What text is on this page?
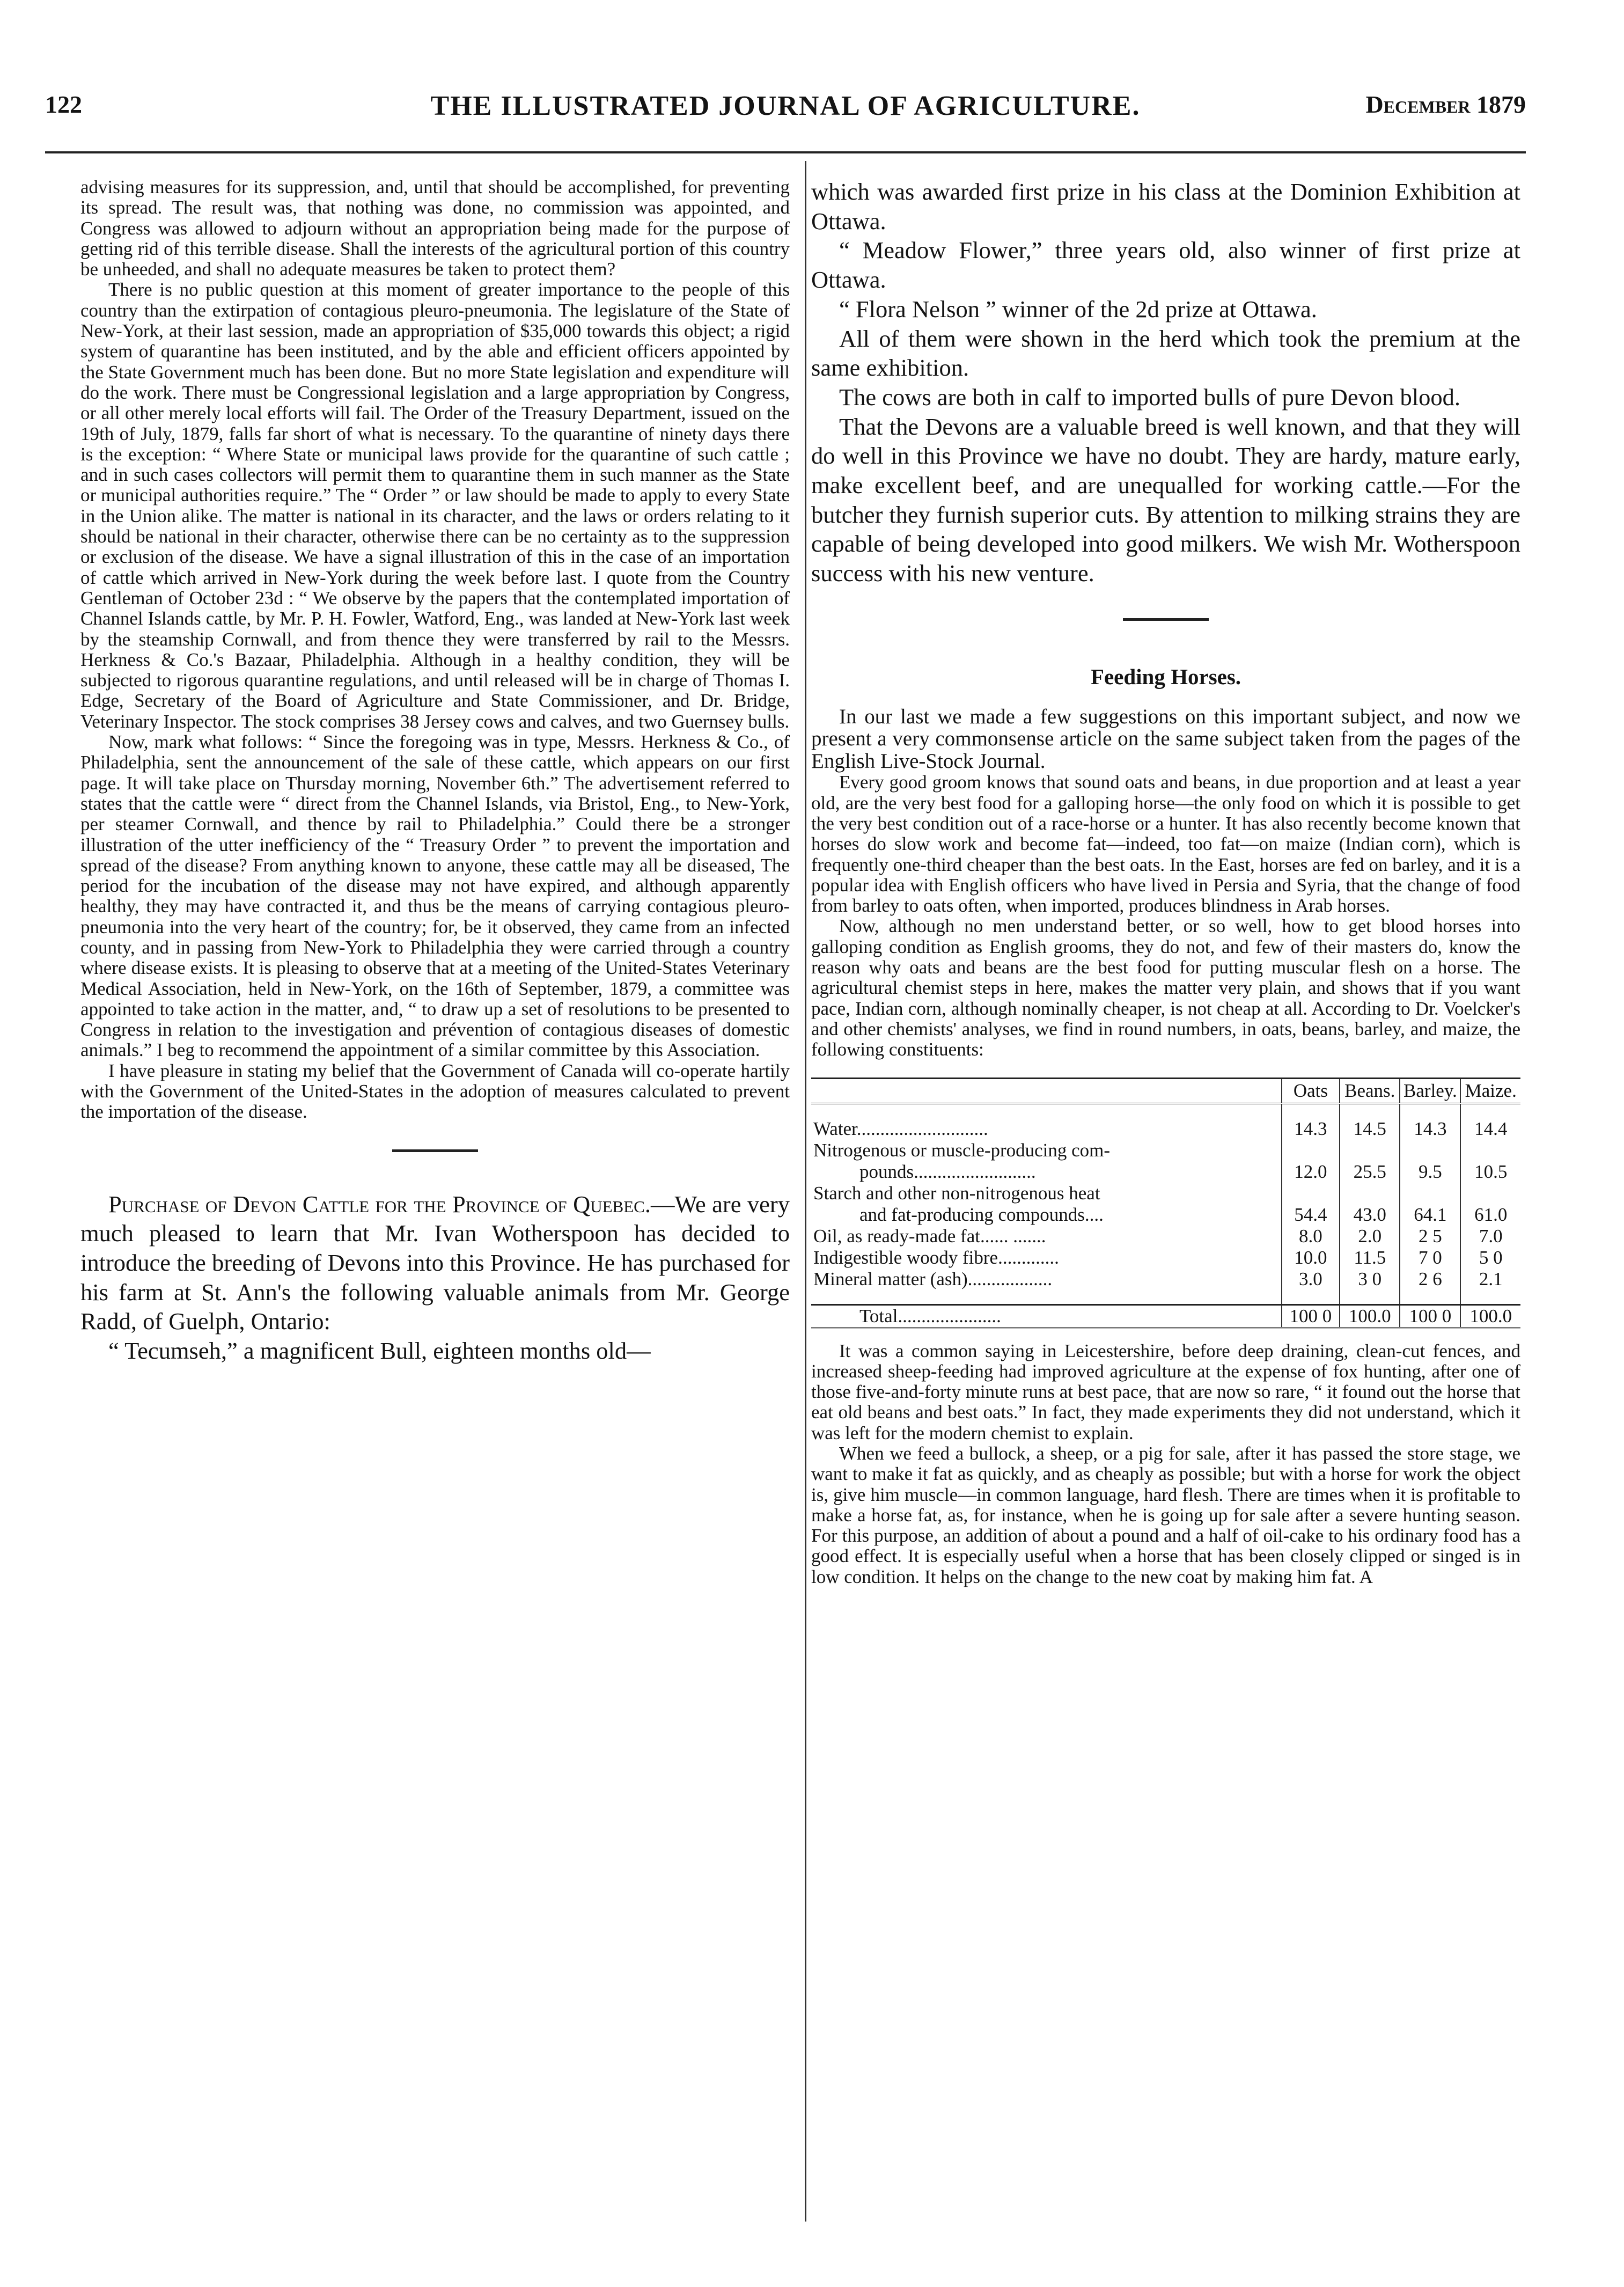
THE ILLUSTRATED JOURNAL OF AGRICULTURE.
122	December 1879

advising measures for its suppression, and, until that should be accomplished, for preventing its spread. The result was, that nothing was done, no commission was appointed, and Congress was allowed to adjourn without an appropriation being made for the purpose of getting rid of this terrible disease. Shall the interests of the agricultural portion of this country be unheeded, and shall no adequate measures be taken to protect them?

There is no public question at this moment of greater importance to the people of this country than the extirpation of contagious pleuro-pneumonia. The legislature of the State of New-York, at their last session, made an appropriation of $35,000 towards this object; a rigid system of quarantine has been instituted, and by the able and efficient officers appointed by the State Government much has been done. But no more State legislation and expenditure will do the work. There must be Congressional legislation and a large appropriation by Congress, or all other merely local efforts will fail. The Order of the Treasury Department, issued on the 19th of July, 1879, falls far short of what is necessary. To the quarantine of ninety days there is the exception: “ Where State or municipal laws provide for the quarantine of such cattle ; and in such cases collectors will permit them to quarantine them in such manner as the State or municipal authorities require.” The “ Order ” or law should be made to apply to every State in the Union alike. The matter is national in its character, and the laws or orders relating to it should be national in their character, otherwise there can be no certainty as to the suppression or exclusion of the disease. We have a signal illustration of this in the case of an importation of cattle which arrived in New-York during the week before last. I quote from the Country Gentleman of October 23d : “ We observe by the papers that the contemplated importation of Channel Islands cattle, by Mr. P. H. Fowler, Watford, Eng., was landed at New-York last week by the steamship Cornwall, and from thence they were transferred by rail to the Messrs. Herkness & Co.'s Bazaar, Philadelphia. Although in a healthy condition, they will be subjected to rigorous quarantine regulations, and until released will be in charge of Thomas I. Edge, Secretary of the Board of Agriculture and State Commissioner, and Dr. Bridge, Veterinary Inspector. The stock comprises 38 Jersey cows and calves, and two Guernsey bulls.

Now, mark what follows: “ Since the foregoing was in type, Messrs. Herkness & Co., of Philadelphia, sent the announcement of the sale of these cattle, which appears on our first page. It will take place on Thursday morning, November 6th.” The advertisement referred to states that the cattle were “ direct from the Channel Islands, via Bristol, Eng., to New-York, per steamer Cornwall, and thence by rail to Philadelphia.” Could there be a stronger illustration of the utter inefficiency of the “ Treasury Order ” to prevent the importation and spread of the disease? From anything known to anyone, these cattle may all be diseased, The period for the incubation of the disease may not have expired, and although apparently healthy, they may have contracted it, and thus be the means of carrying contagious pleuro-pneumonia into the very heart of the country; for, be it observed, they came from an infected county, and in passing from New-York to Philadelphia they were carried through a country where disease exists. It is pleasing to observe that at a meeting of the United-States Veterinary Medical Association, held in New-York, on the 16th of September, 1879, a committee was appointed to take action in the matter, and, “ to draw up a set of resolutions to be presented to Congress in relation to the investigation and prévention of contagious diseases of domestic animals.” I beg to recommend the appointment of a similar committee by this Association.

I have pleasure in stating my belief that the Government of Canada will co-operate hartily with the Government of the United-States in the adoption of measures calculated to prevent the importation of the disease.

Purchase of Devon Cattle for the Province of Quebec.—We are very much pleased to learn that Mr. Ivan Wotherspoon has decided to introduce the breeding of Devons into this Province. He has purchased for his farm at St. Ann's the following valuable animals from Mr. George Radd, of Guelph, Ontario:

“ Tecumseh,” a magnificent Bull, eighteen months old—

which was awarded first prize in his class at the Dominion Exhibition at Ottawa.

“ Meadow Flower,” three years old, also winner of first prize at Ottawa.

“ Flora Nelson ” winner of the 2d prize at Ottawa.

All of them were shown in the herd which took the premium at the same exhibition.

The cows are both in calf to imported bulls of pure Devon blood.

That the Devons are a valuable breed is well known, and that they will do well in this Province we have no doubt. They are hardy, mature early, make excellent beef, and are unequalled for working cattle.—For the butcher they furnish superior cuts. By attention to milking strains they are capable of being developed into good milkers. We wish Mr. Wotherspoon success with his new venture.

Feeding Horses.

In our last we made a few suggestions on this important subject, and now we present a very commonsense article on the same subject taken from the pages of the English Live-Stock Journal.

Every good groom knows that sound oats and beans, in due proportion and at least a year old, are the very best food for a galloping horse—the only food on which it is possible to get the very best condition out of a race-horse or a hunter. It has also recently become known that horses do slow work and become fat—indeed, too fat—on maize (Indian corn), which is frequently one-third cheaper than the best oats. In the East, horses are fed on barley, and it is a popular idea with English officers who have lived in Persia and Syria, that the change of food from barley to oats often, when imported, produces blindness in Arab horses.

Now, although no men understand better, or so well, how to get blood horses into galloping condition as English grooms, they do not, and few of their masters do, know the reason why oats and beans are the best food for putting muscular flesh on a horse. The agricultural chemist steps in here, makes the matter very plain, and shows that if you want pace, Indian corn, although nominally cheaper, is not cheap at all. According to Dr. Voelcker's and other chemists' analyses, we find in round numbers, in oats, beans, barley, and maize, the following constituents:

	Oats	Beans.	Barley.	Maize.

Water............................	14.3	14.5	14.3	14.4
Nitrogenous or muscle-producing com-				
pounds..........................	12.0	25.5	9.5	10.5
Starch and other non-nitrogenous heat				
and fat-producing compounds....	54.4	43.0	64.1	61.0
Oil, as ready-made fat...... .......	8.0	2.0	2 5	7.0
Indigestible woody fibre.............	10.0	11.5	7 0	5 0
Mineral matter (ash)..................	3.0	3 0	2 6	2.1

Total......................	100 0	100.0	100 0	100.0

It was a common saying in Leicestershire, before deep draining, clean-cut fences, and increased sheep-feeding had improved agriculture at the expense of fox hunting, after one of those five-and-forty minute runs at best pace, that are now so rare, “ it found out the horse that eat old beans and best oats.” In fact, they made experiments they did not understand, which it was left for the modern chemist to explain.

When we feed a bullock, a sheep, or a pig for sale, after it has passed the store stage, we want to make it fat as quickly, and as cheaply as possible; but with a horse for work the object is, give him muscle—in common language, hard flesh. There are times when it is profitable to make a horse fat, as, for instance, when he is going up for sale after a severe hunting season. For this purpose, an addition of about a pound and a half of oil-cake to his ordinary food has a good effect. It is especially useful when a horse that has been closely clipped or singed is in low condition. It helps on the change to the new coat by making him fat. A
